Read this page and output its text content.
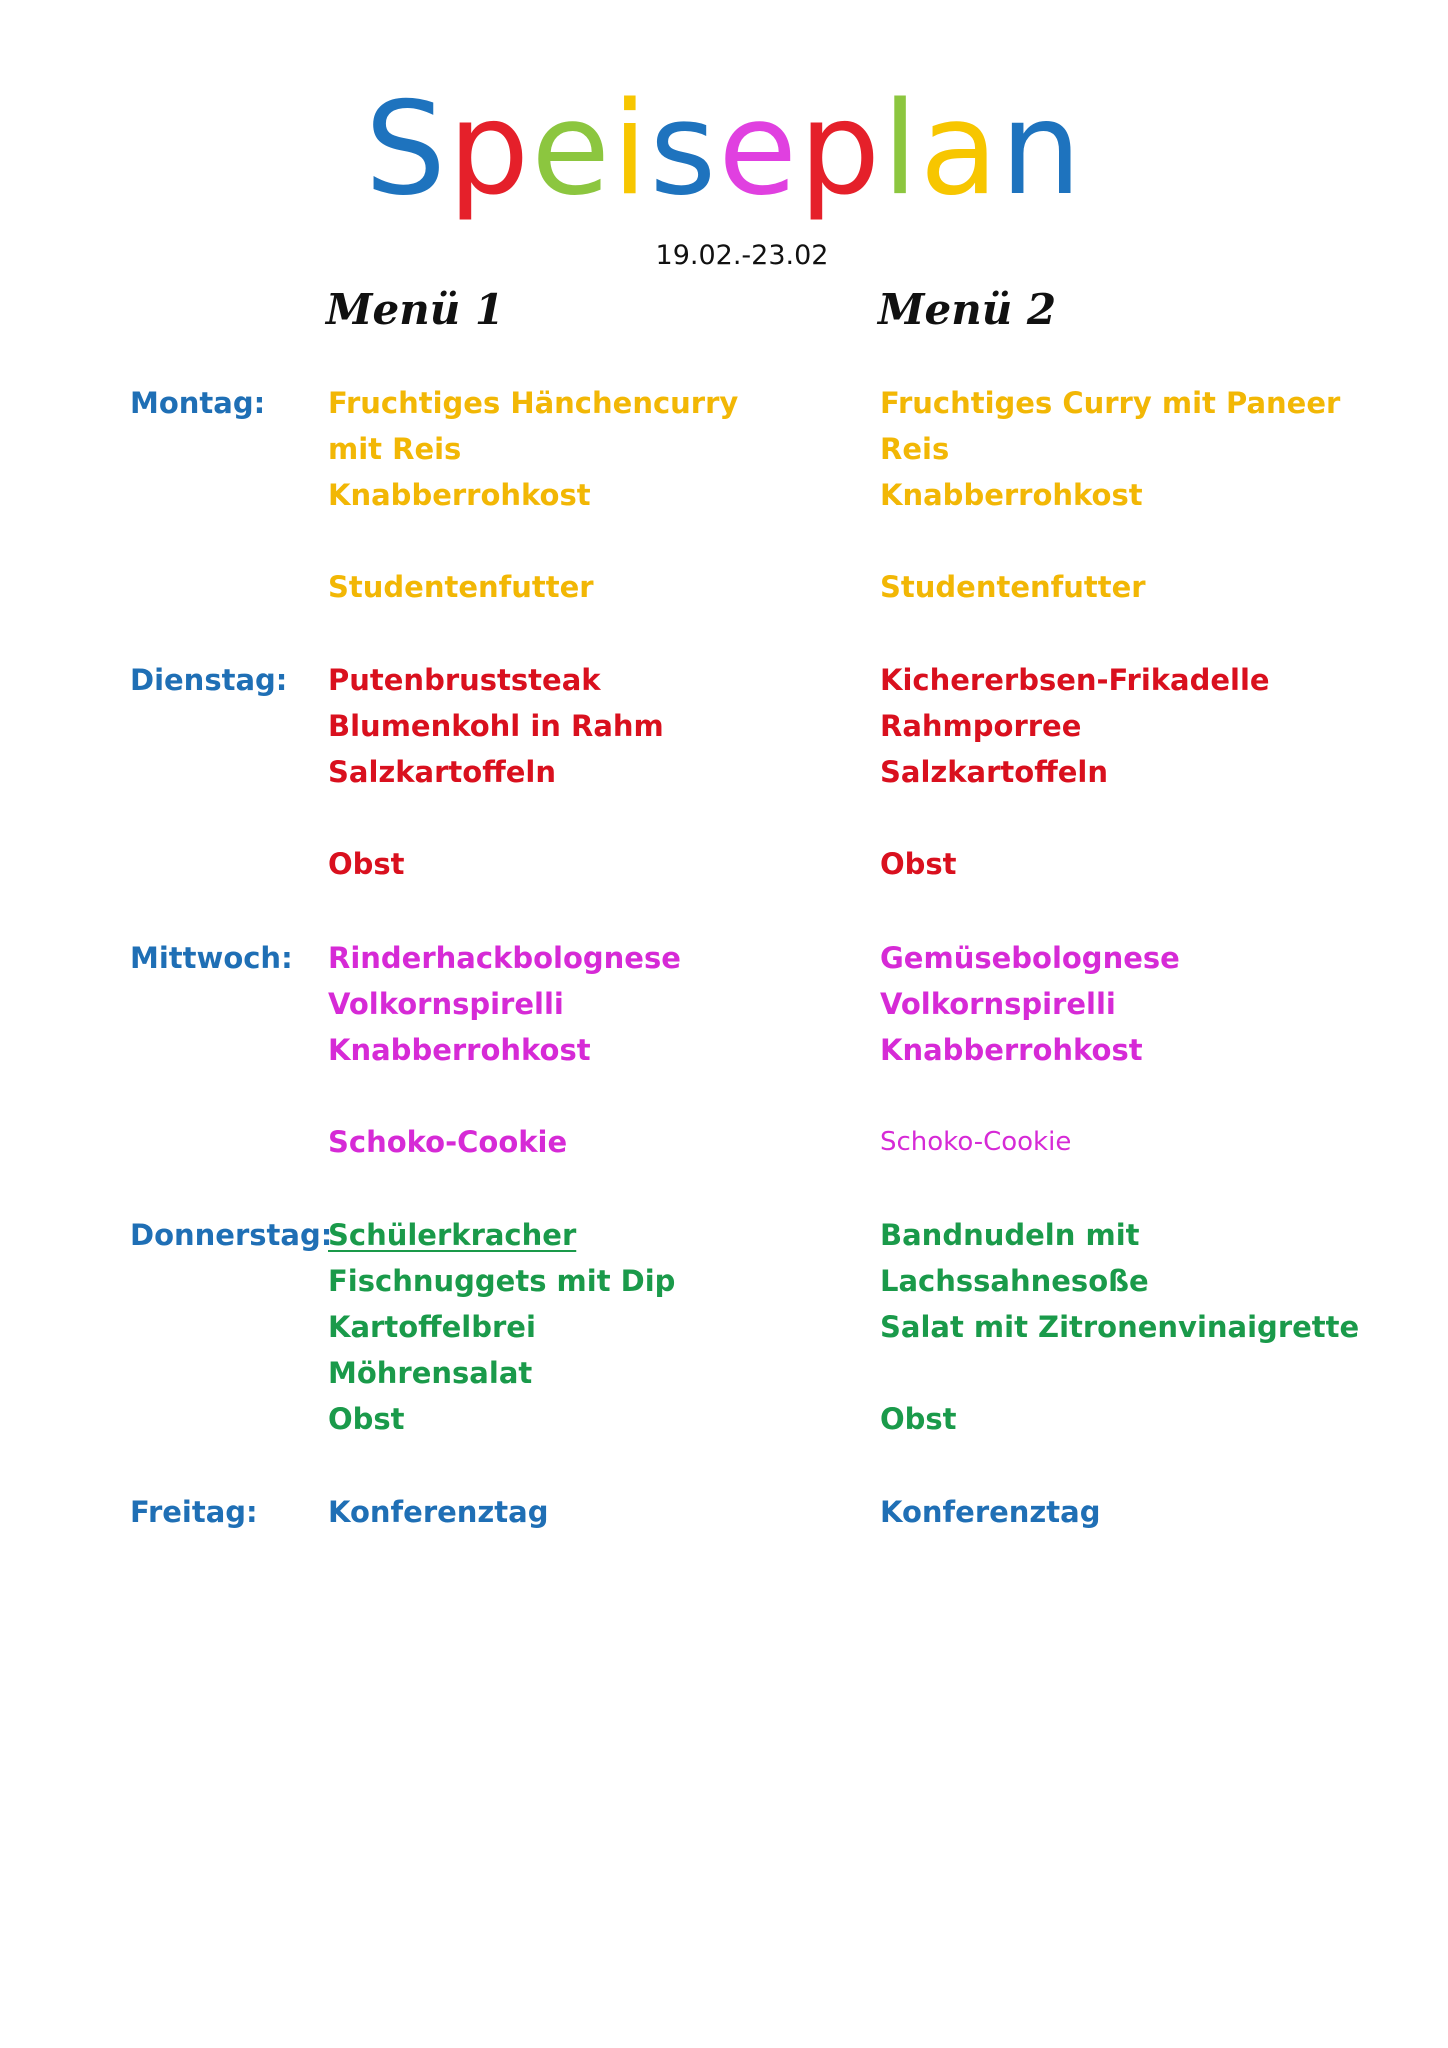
Speiseplan
19.02.-23.02
Menü 1	Menü 2
Montag: Fruchtiges Hänchencurry
mit Reis
Knabberrohkost
Studentenfutter
Fruchtiges Curry mit Paneer
Reis
Knabberrohkost
Studentenfutter
Dienstag: Putenbruststeak
Blumenkohl in Rahm
Salzkartoffeln
Obst
Kichererbsen-Frikadelle
Rahmporree
Salzkartoffeln
Obst
Mittwoch: Rinderhackbolognese
Volkornspirelli
Knabberrohkost
Schoko-Cookie
Gemüsebolognese
Volkornspirelli
Knabberrohkost
Schoko-Cookie
Donnerstag:
Schülerkracher
Fischnuggets mit Dip
Kartoffelbrei
Möhrensalat
Obst
Bandnudeln mit
Lachssahnesoße
Salat mit Zitronenvinaigrette
Obst
Freitag: Konferenztag	Konferenztag
